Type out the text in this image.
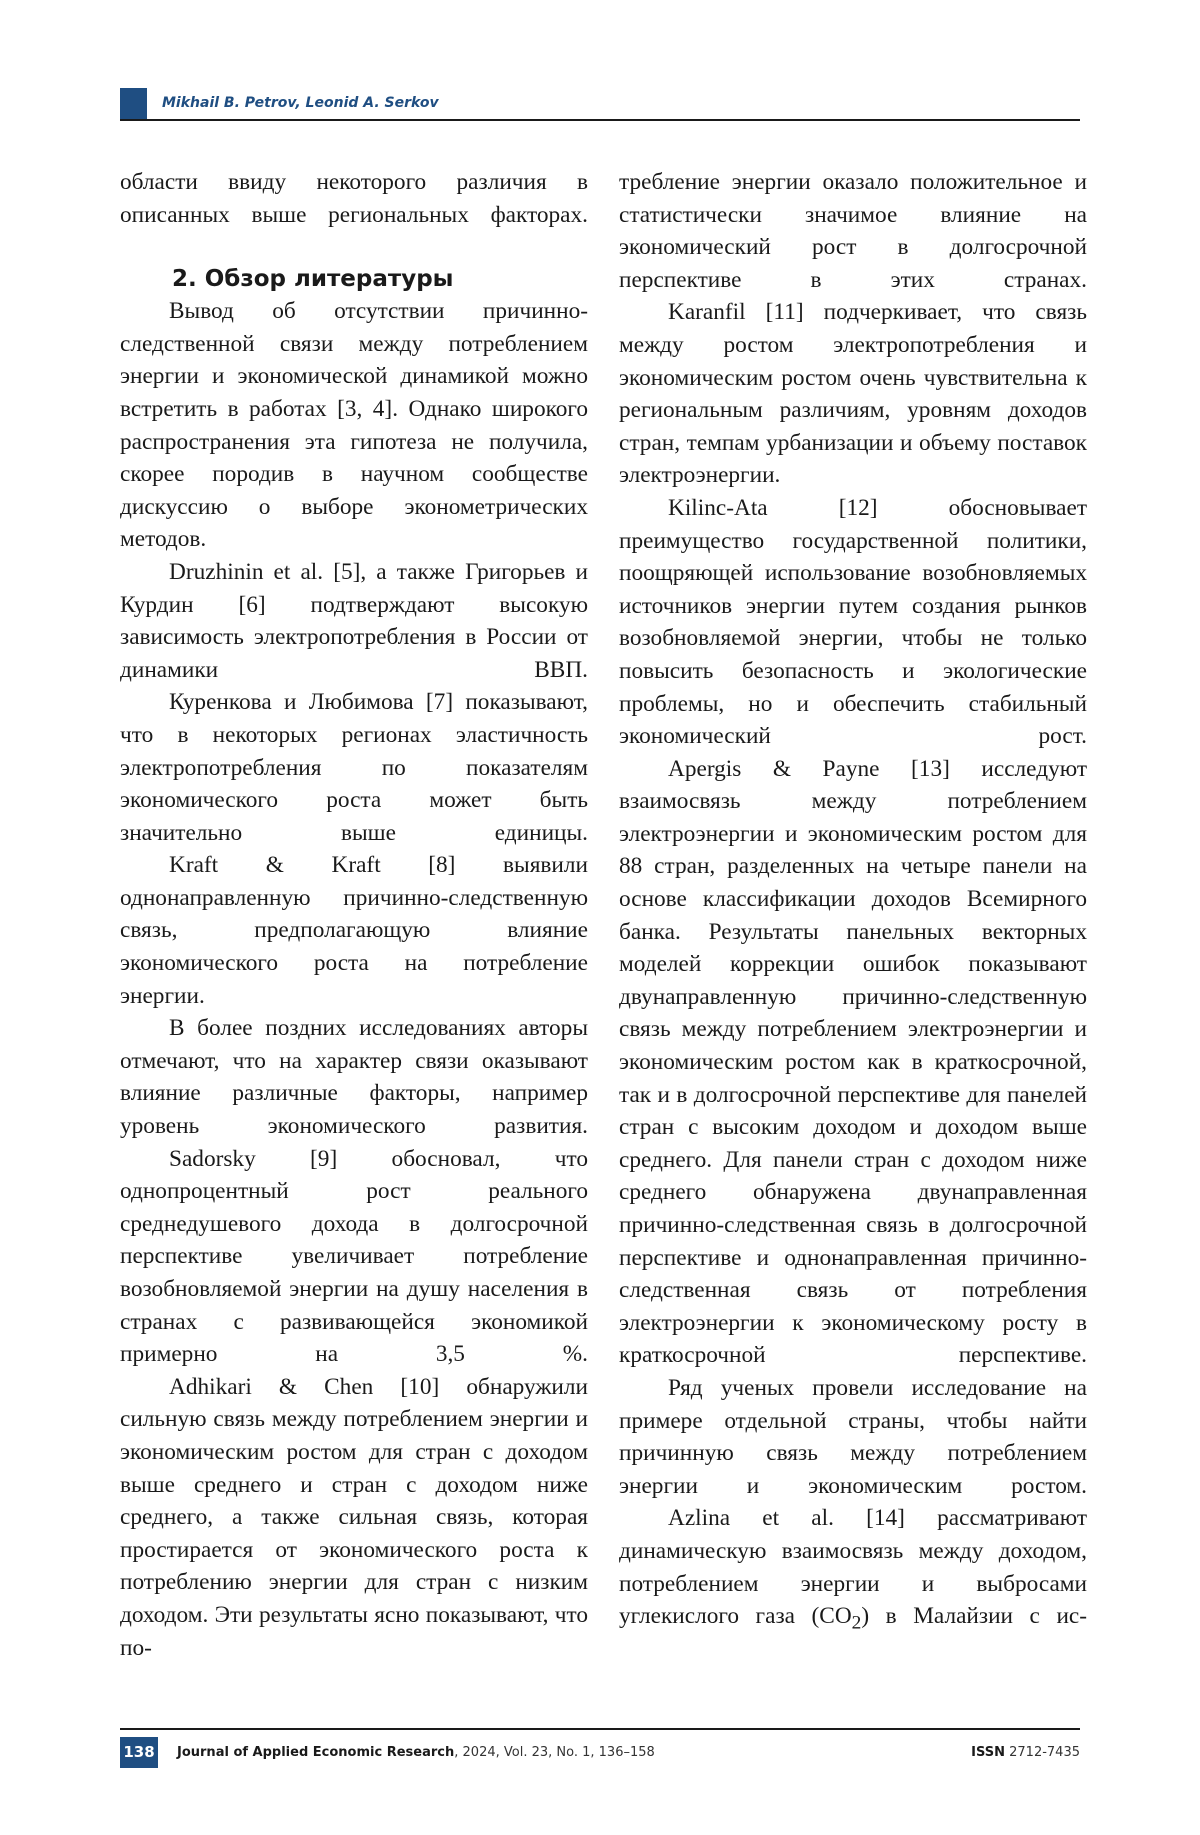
Mikhail B. Petrov, Leonid A. Serkov

области ввиду некоторого различия в описанных выше региональных факторах.

2. Обзор литературы

Вывод об отсутствии причинно-следственной связи между потреблением энергии и экономической динамикой можно встретить в работах [3, 4]. Однако широкого распространения эта гипотеза не получила, скорее породив в научном сообществе дискуссию о выборе эконометрических методов.

Druzhinin et al. [5], а также Григорьев и Курдин [6] подтверждают высокую зависимость электропотребления в России от динамики ВВП.

Куренкова и Любимова [7] показывают, что в некоторых регионах эластичность электропотребления по показателям экономического роста может быть значительно выше единицы.

Kraft & Kraft [8] выявили однонаправленную причинно-следственную связь, предполагающую влияние экономического роста на потребление энергии.

В более поздних исследованиях авторы отмечают, что на характер связи оказывают влияние различные факторы, например уровень экономического развития.

Sadorsky [9] обосновал, что однопроцентный рост реального среднедушевого дохода в долгосрочной перспективе увеличивает потребление возобновляемой энергии на душу населения в странах с развивающейся экономикой примерно на 3,5 %.

Adhikari & Chen [10] обнаружили сильную связь между потреблением энергии и экономическим ростом для стран с доходом выше среднего и стран с доходом ниже среднего, а также сильная связь, которая простирается от экономического роста к потреблению энергии для стран с низким доходом. Эти результаты ясно показывают, что по-

требление энергии оказало положительное и статистически значимое влияние на экономический рост в долгосрочной перспективе в этих странах.

Karanfil [11] подчеркивает, что связь между ростом электропотребления и экономическим ростом очень чувствительна к региональным различиям, уровням доходов стран, темпам урбанизации и объему поставок электроэнергии.

Kilinc-Ata [12] обосновывает преимущество государственной политики, поощряющей использование возобновляемых источников энергии путем создания рынков возобновляемой энергии, чтобы не только повысить безопасность и экологические проблемы, но и обеспечить стабильный экономический рост.

Apergis & Payne [13] исследуют взаимосвязь между потреблением электроэнергии и экономическим ростом для 88 стран, разделенных на четыре панели на основе классификации доходов Всемирного банка. Результаты панельных векторных моделей коррекции ошибок показывают двунаправленную причинно-следственную связь между потреблением электроэнергии и экономическим ростом как в краткосрочной, так и в долгосрочной перспективе для панелей стран с высоким доходом и доходом выше среднего. Для панели стран с доходом ниже среднего обнаружена двунаправленная причинно-следственная связь в долгосрочной перспективе и однонаправленная причинно-следственная связь от потребления электроэнергии к экономическому росту в краткосрочной перспективе.

Ряд ученых провели исследование на примере отдельной страны, чтобы найти причинную связь между потреблением энергии и экономическим ростом.

Azlina et al. [14] рассматривают динамическую взаимосвязь между доходом, потреблением энергии и выбросами углекислого газа $(CO_2)$ в Малайзии с ис-

138 Journal of Applied Economic Research, 2024, Vol. 23, No. 1, 136–158	ISSN 2712-7435
